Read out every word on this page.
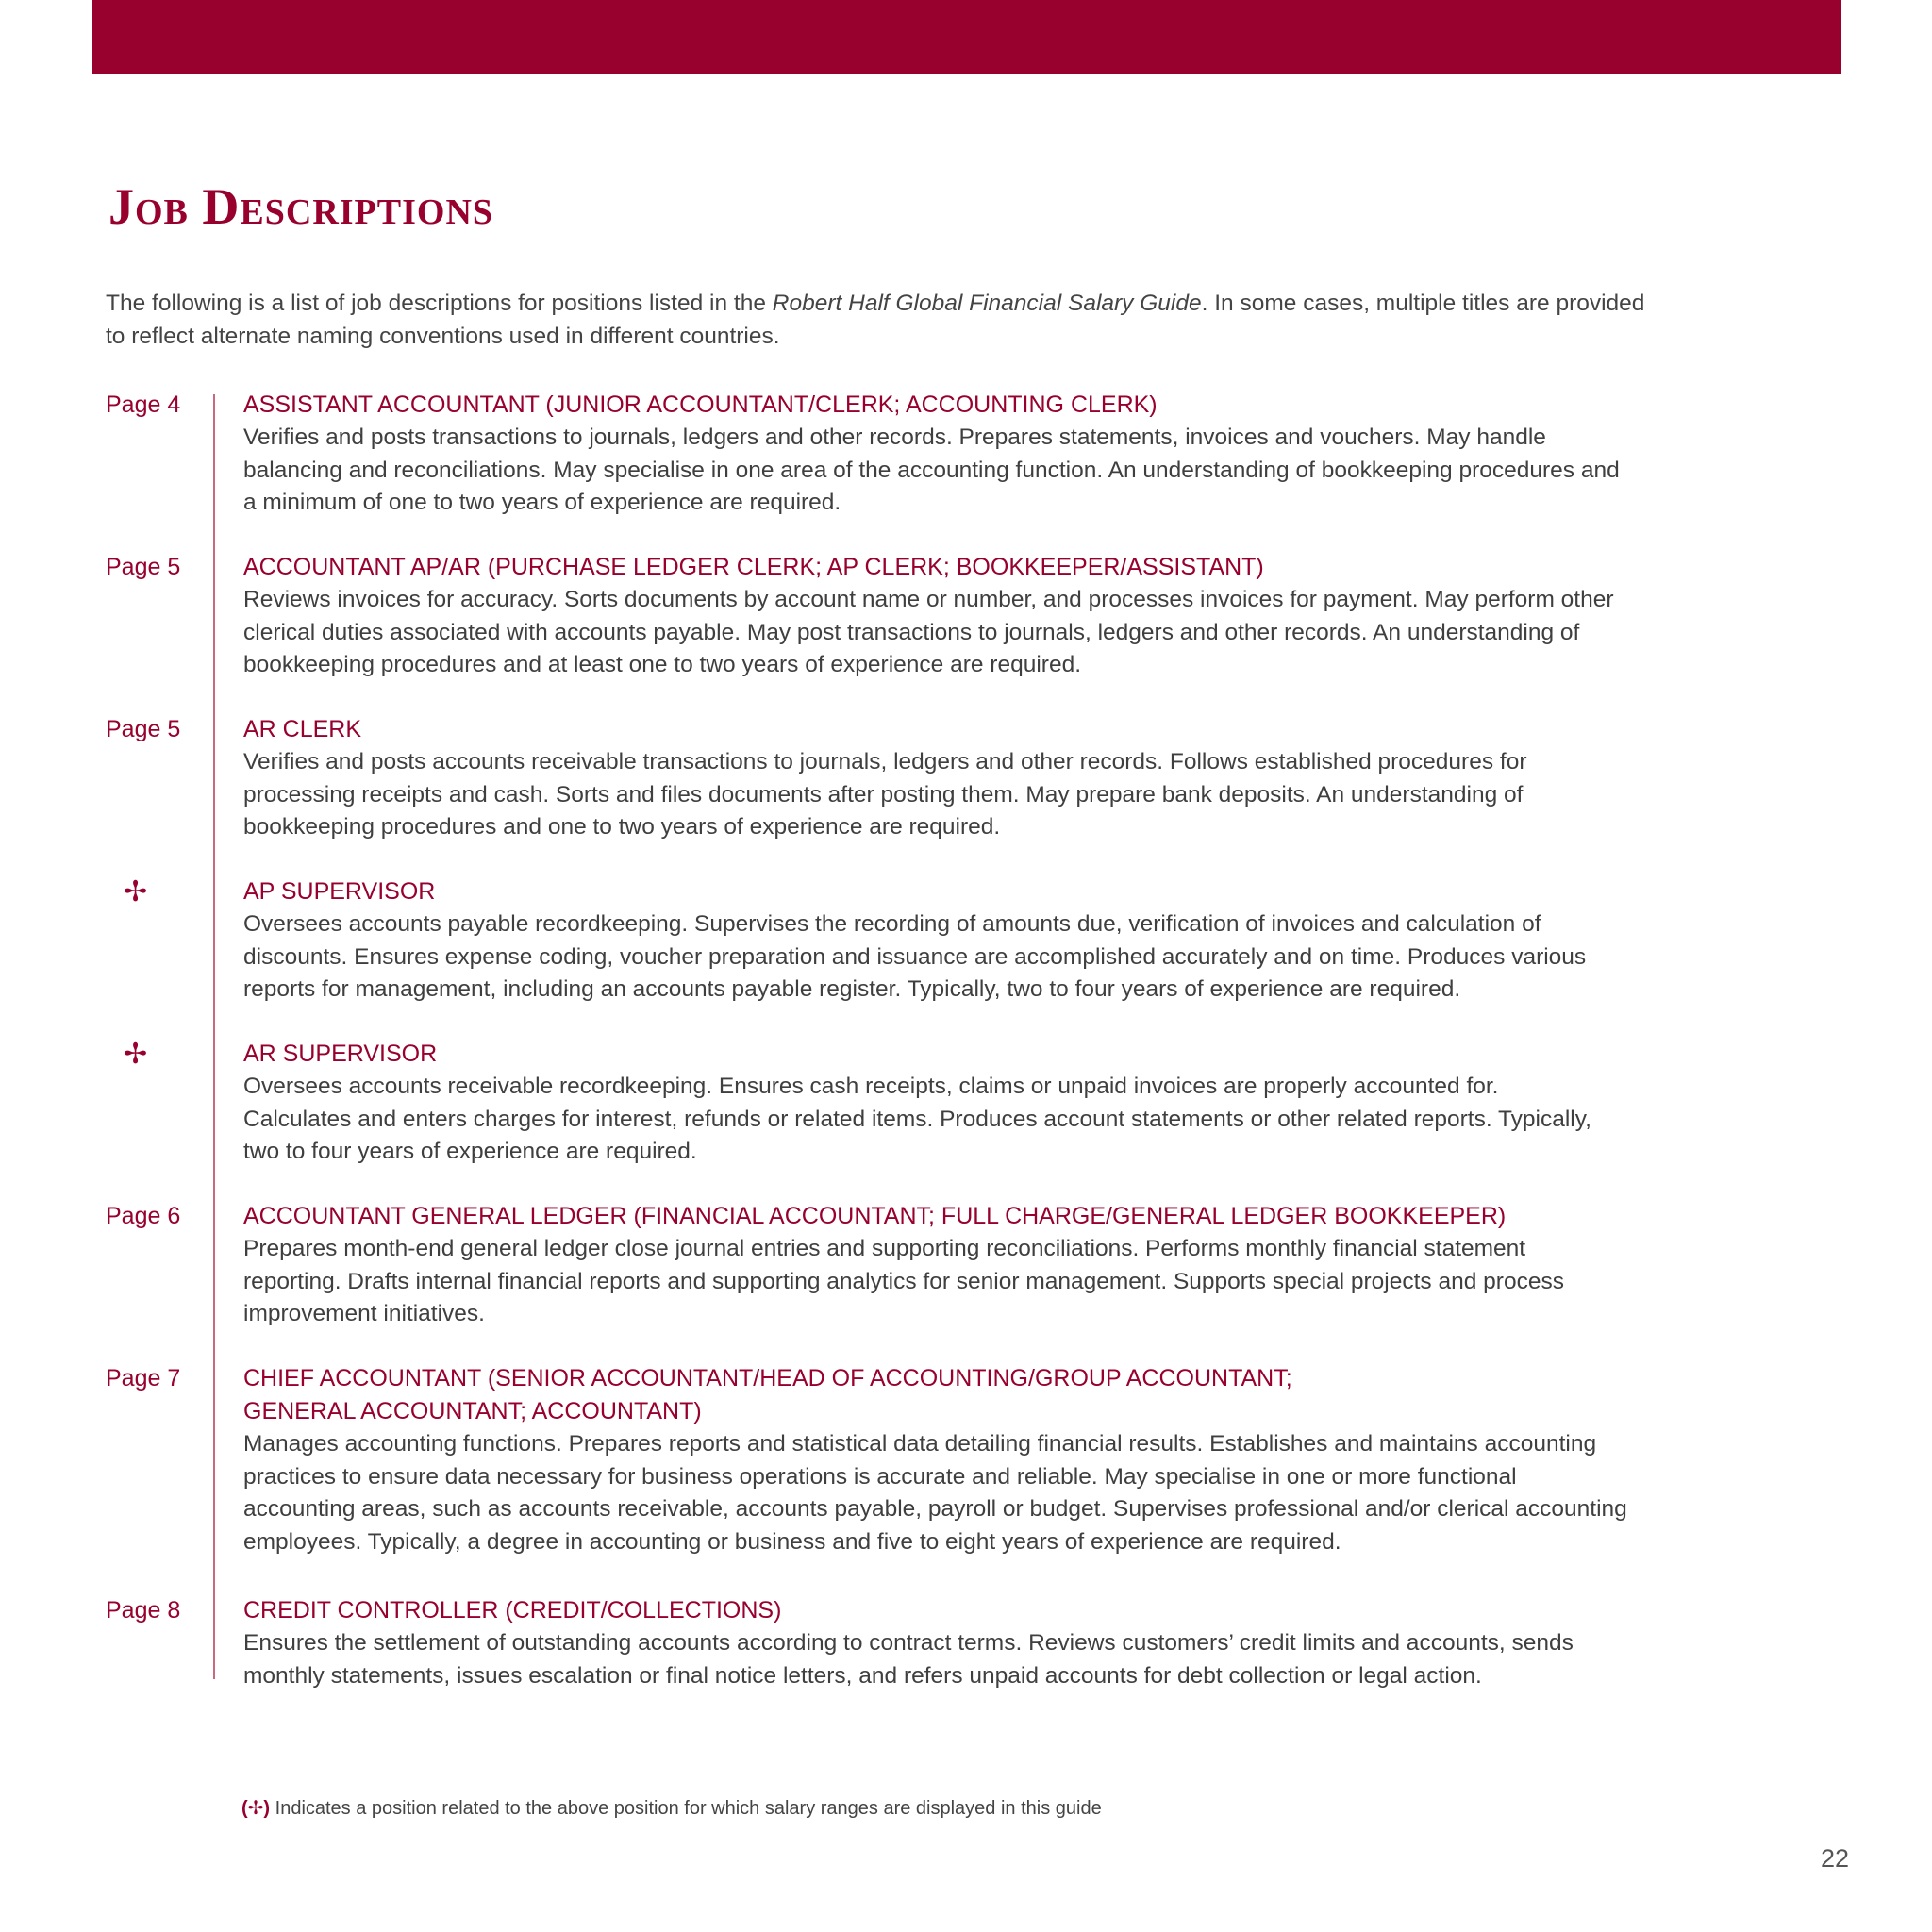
Job Descriptions
The following is a list of job descriptions for positions listed in the Robert Half Global Financial Salary Guide. In some cases, multiple titles are provided
to reflect alternate naming conventions used in different countries.
Page 4	ASSISTANT ACCOUNTANT (JUNIOR ACCOUNTANT/CLERK; ACCOUNTING CLERK)
Verifies and posts transactions to journals, ledgers and other records. Prepares statements, invoices and vouchers. May handle
balancing and reconciliations. May specialise in one area of the accounting function. An understanding of bookkeeping procedures and
a minimum of one to two years of experience are required.
Page 5	ACCOUNTANT AP/AR (PURCHASE LEDGER CLERK; AP CLERK; BOOKKEEPER/ASSISTANT)
Reviews invoices for accuracy. Sorts documents by account name or number, and processes invoices for payment. May perform other
clerical duties associated with accounts payable. May post transactions to journals, ledgers and other records. An understanding of
bookkeeping procedures and at least one to two years of experience are required.
Page 5	AR CLERK
Verifies and posts accounts receivable transactions to journals, ledgers and other records. Follows established procedures for
processing receipts and cash. Sorts and files documents after posting them. May prepare bank deposits. An understanding of
bookkeeping procedures and one to two years of experience are required.
✢	AP SUPERVISOR
Oversees accounts payable recordkeeping. Supervises the recording of amounts due, verification of invoices and calculation of
discounts. Ensures expense coding, voucher preparation and issuance are accomplished accurately and on time. Produces various
reports for management, including an accounts payable register. Typically, two to four years of experience are required.
✢	AR SUPERVISOR
Oversees accounts receivable recordkeeping. Ensures cash receipts, claims or unpaid invoices are properly accounted for.
Calculates and enters charges for interest, refunds or related items. Produces account statements or other related reports. Typically,
two to four years of experience are required.
Page 6	ACCOUNTANT GENERAL LEDGER (FINANCIAL ACCOUNTANT; FULL CHARGE/GENERAL LEDGER BOOKKEEPER)
Prepares month-end general ledger close journal entries and supporting reconciliations. Performs monthly financial statement
reporting. Drafts internal financial reports and supporting analytics for senior management. Supports special projects and process
improvement initiatives.
Page 7	CHIEF ACCOUNTANT (SENIOR ACCOUNTANT/HEAD OF ACCOUNTING/GROUP ACCOUNTANT;
GENERAL ACCOUNTANT; ACCOUNTANT)
Manages accounting functions. Prepares reports and statistical data detailing financial results. Establishes and maintains accounting
practices to ensure data necessary for business operations is accurate and reliable. May specialise in one or more functional
accounting areas, such as accounts receivable, accounts payable, payroll or budget. Supervises professional and/or clerical accounting
employees. Typically, a degree in accounting or business and five to eight years of experience are required.
Page 8	CREDIT CONTROLLER (CREDIT/COLLECTIONS)
Ensures the settlement of outstanding accounts according to contract terms. Reviews customers’ credit limits and accounts, sends
monthly statements, issues escalation or final notice letters, and refers unpaid accounts for debt collection or legal action.
(✢) Indicates a position related to the above position for which salary ranges are displayed in this guide
22
